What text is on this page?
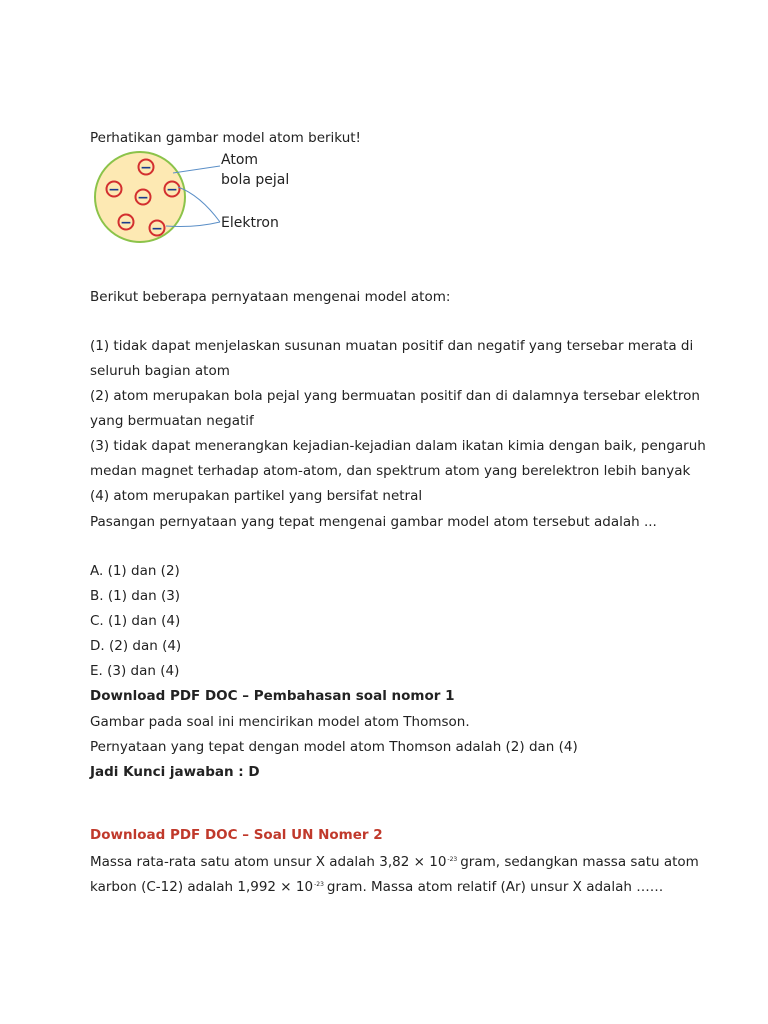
Perhatikan gambar model atom berikut!
−
− − −
− −
Atom
bola pejal
Elektron
Berikut beberapa pernyataan mengenai model atom:
(1) tidak dapat menjelaskan susunan muatan positif dan negatif yang tersebar merata di
seluruh bagian atom
(2) atom merupakan bola pejal yang bermuatan positif dan di dalamnya tersebar elektron
yang bermuatan negatif
(3) tidak dapat menerangkan kejadian-kejadian dalam ikatan kimia dengan baik, pengaruh
medan magnet terhadap atom-atom, dan spektrum atom yang berelektron lebih banyak
(4) atom merupakan partikel yang bersifat netral
Pasangan pernyataan yang tepat mengenai gambar model atom tersebut adalah ...
A. (1) dan (2)
B. (1) dan (3)
C. (1) dan (4)
D. (2) dan (4)
E. (3) dan (4)
Download PDF DOC – Pembahasan soal nomor 1
Gambar pada soal ini mencirikan model atom Thomson.
Pernyataan yang tepat dengan model atom Thomson adalah (2) dan (4)
Jadi Kunci jawaban : D
Download PDF DOC – Soal UN Nomer 2
Massa rata-rata satu atom unsur X adalah $3,82 \times 10^{-23}$ gram, sedangkan massa satu atom
karbon (C-12) adalah $1,992 \times 10^{-23}$ gram. Massa atom relatif (Ar) unsur X adalah ……
